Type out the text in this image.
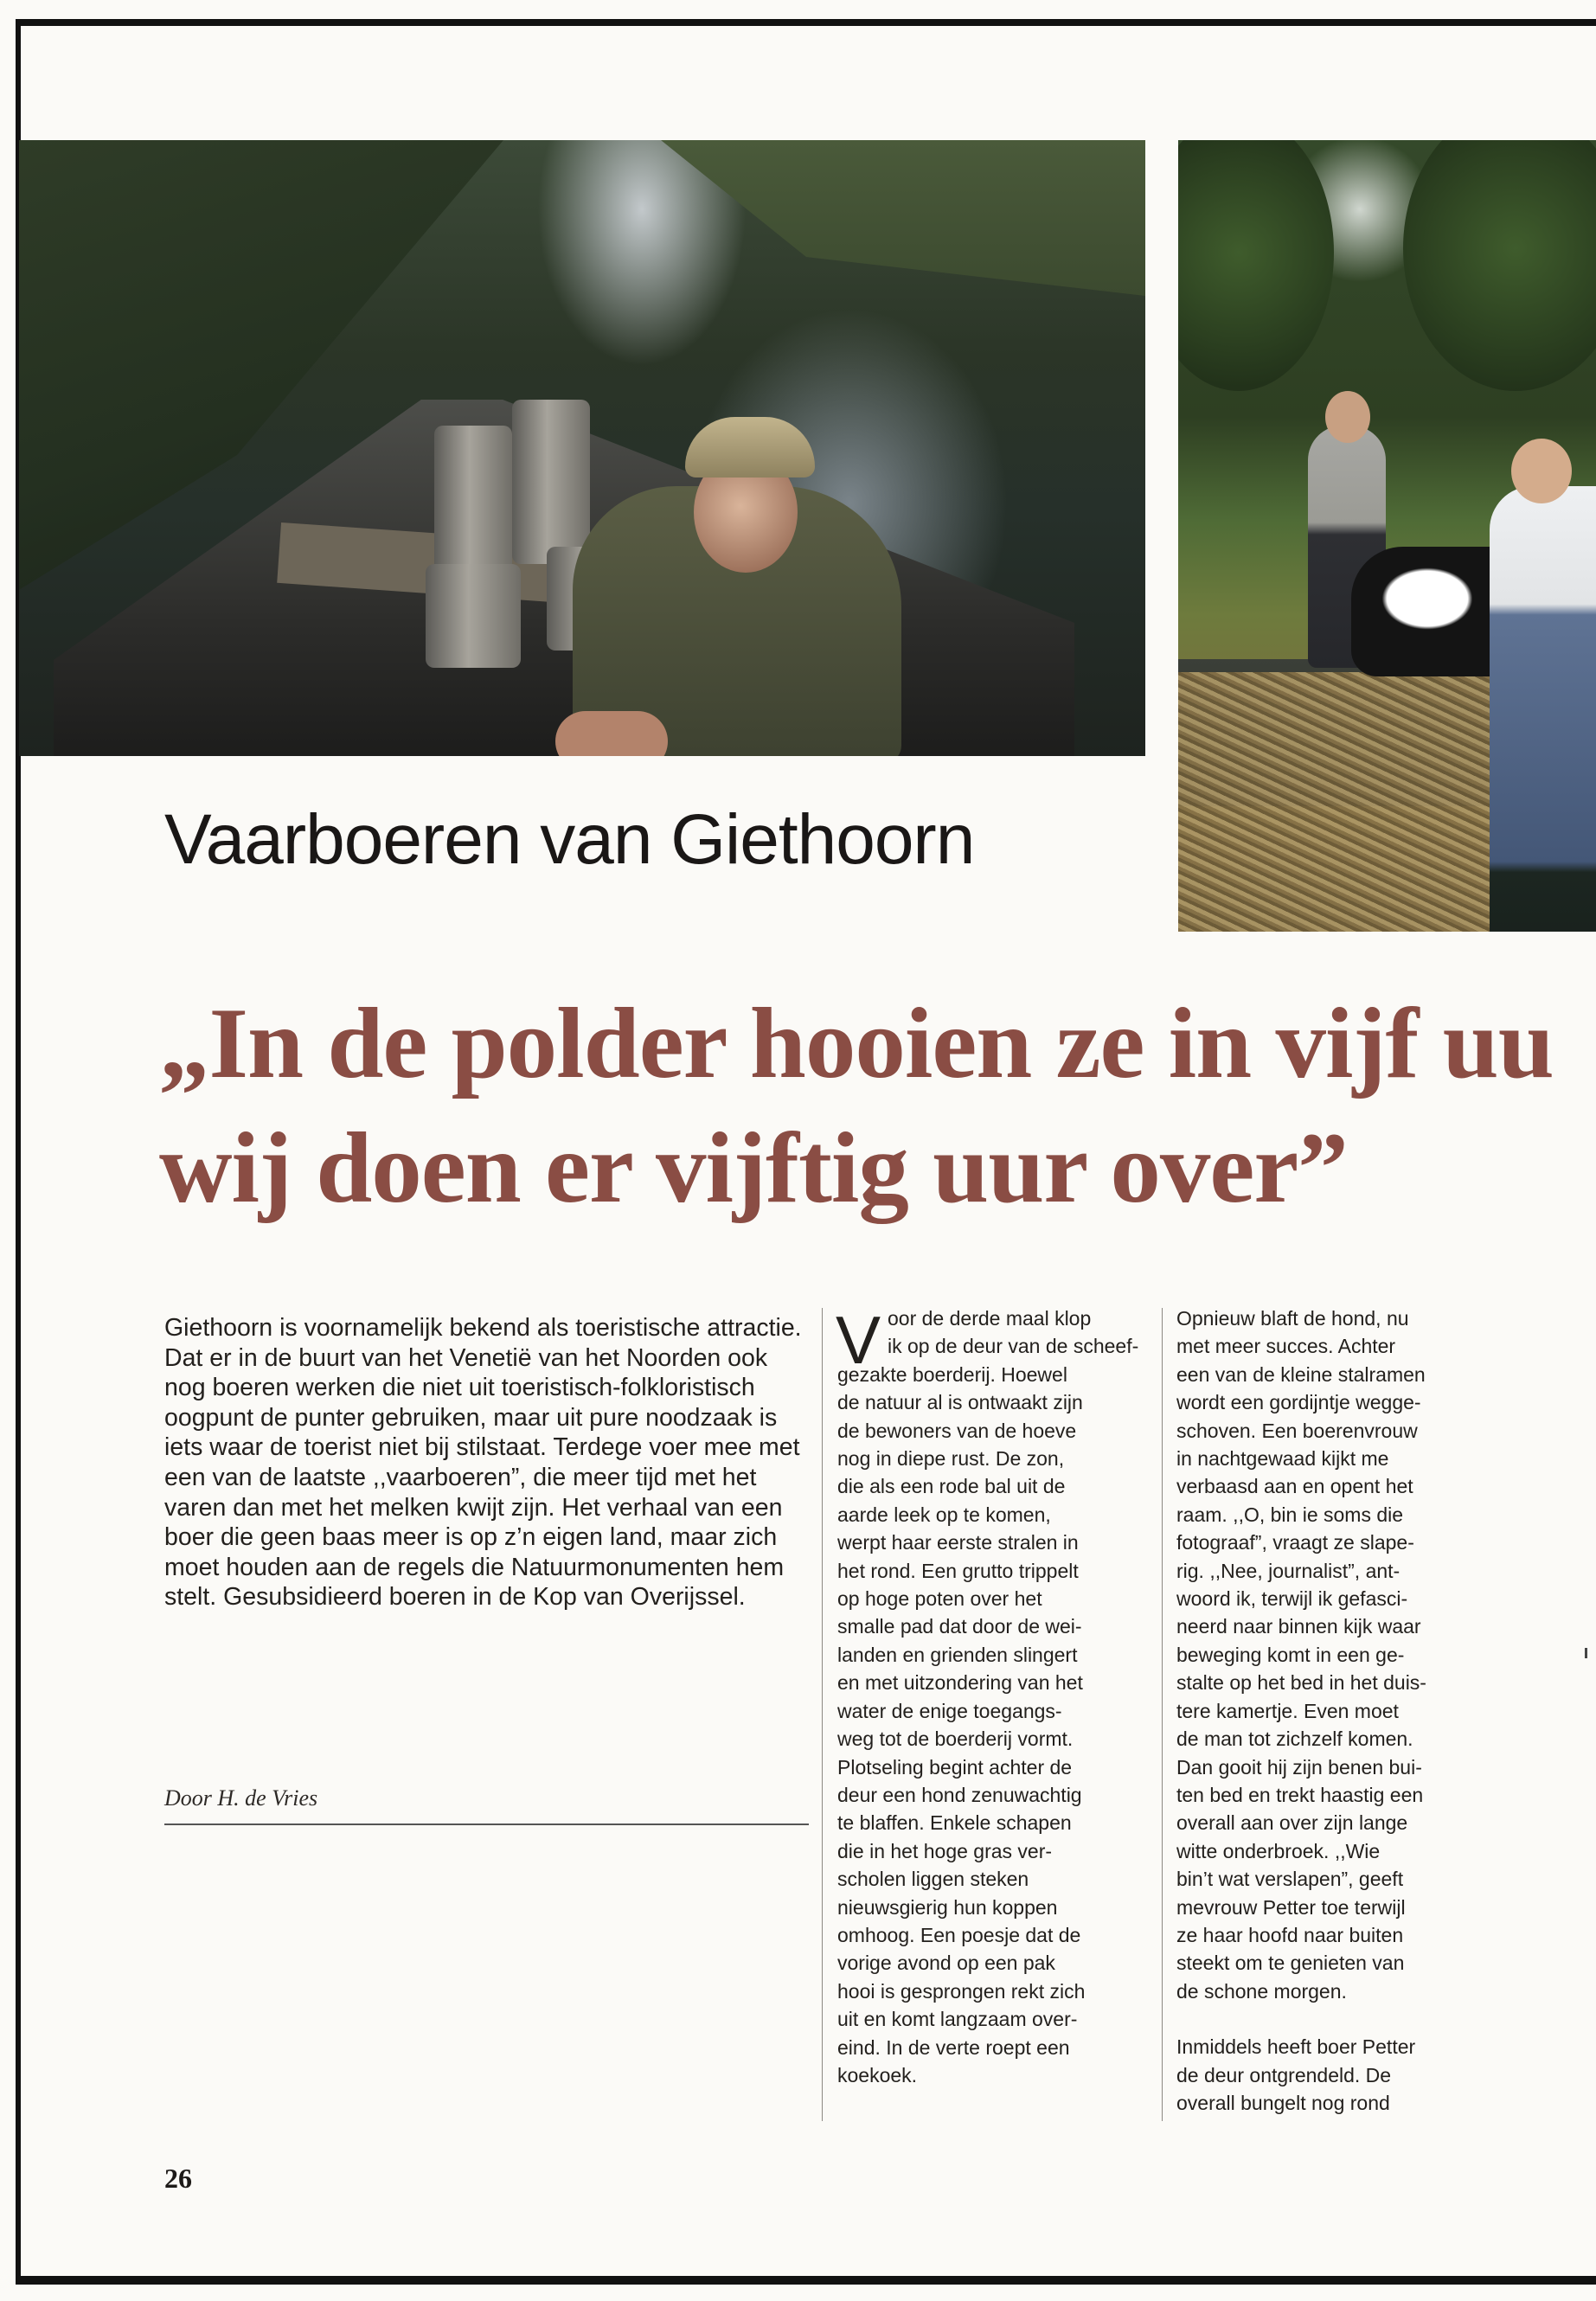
Vaarboeren van Giethoorn
„In de polder hooien ze in vijf uu
wij doen er vijftig uur over”

Giethoorn is voornamelijk bekend als toeristische attractie. Dat er in de buurt van het Venetië van het Noorden ook nog boeren werken die niet uit toeristisch-folkloristisch oogpunt de punter gebruiken, maar uit pure noodzaak is iets waar de toerist niet bij stilstaat. Terdege voer mee met een van de laatste ,,vaarboeren”, die meer tijd met het varen dan met het melken kwijt zijn. Het verhaal van een boer die geen baas meer is op z’n eigen land, maar zich moet houden aan de regels die Natuurmonumenten hem stelt. Gesubsidieerd boeren in de Kop van Overijssel.

Door H. de Vries
V oor de derde maal klop
ik op de deur van de scheef-
gezakte boerderij. Hoewel
de natuur al is ontwaakt zijn
de bewoners van de hoeve
nog in diepe rust. De zon,
die als een rode bal uit de
aarde leek op te komen,
werpt haar eerste stralen in
het rond. Een grutto trippelt
op hoge poten over het
smalle pad dat door de wei-
landen en grienden slingert
en met uitzondering van het
water de enige toegangs-
weg tot de boerderij vormt.
Plotseling begint achter de
deur een hond zenuwachtig
te blaffen. Enkele schapen
die in het hoge gras ver-
scholen liggen steken
nieuwsgierig hun koppen
omhoog. Een poesje dat de
vorige avond op een pak
hooi is gesprongen rekt zich
uit en komt langzaam over-
eind. In de verte roept een
koekoek.
Opnieuw blaft de hond, nu
met meer succes. Achter
een van de kleine stalramen
wordt een gordijntje wegge-
schoven. Een boerenvrouw
in nachtgewaad kijkt me
verbaasd aan en opent het
raam. ,,O, bin ie soms die
fotograaf”, vraagt ze slape-
rig. ,,Nee, journalist”, ant-
woord ik, terwijl ik gefasci-
neerd naar binnen kijk waar
beweging komt in een ge-
stalte op het bed in het duis-
tere kamertje. Even moet
de man tot zichzelf komen.
Dan gooit hij zijn benen bui-
ten bed en trekt haastig een
overall aan over zijn lange
witte onderbroek. ,,Wie
bin’t wat verslapen”, geeft
mevrouw Petter toe terwijl
ze haar hoofd naar buiten
steekt om te genieten van
de schone morgen.
Inmiddels heeft boer Petter
de deur ontgrendeld. De
overall bungelt nog rond
26
